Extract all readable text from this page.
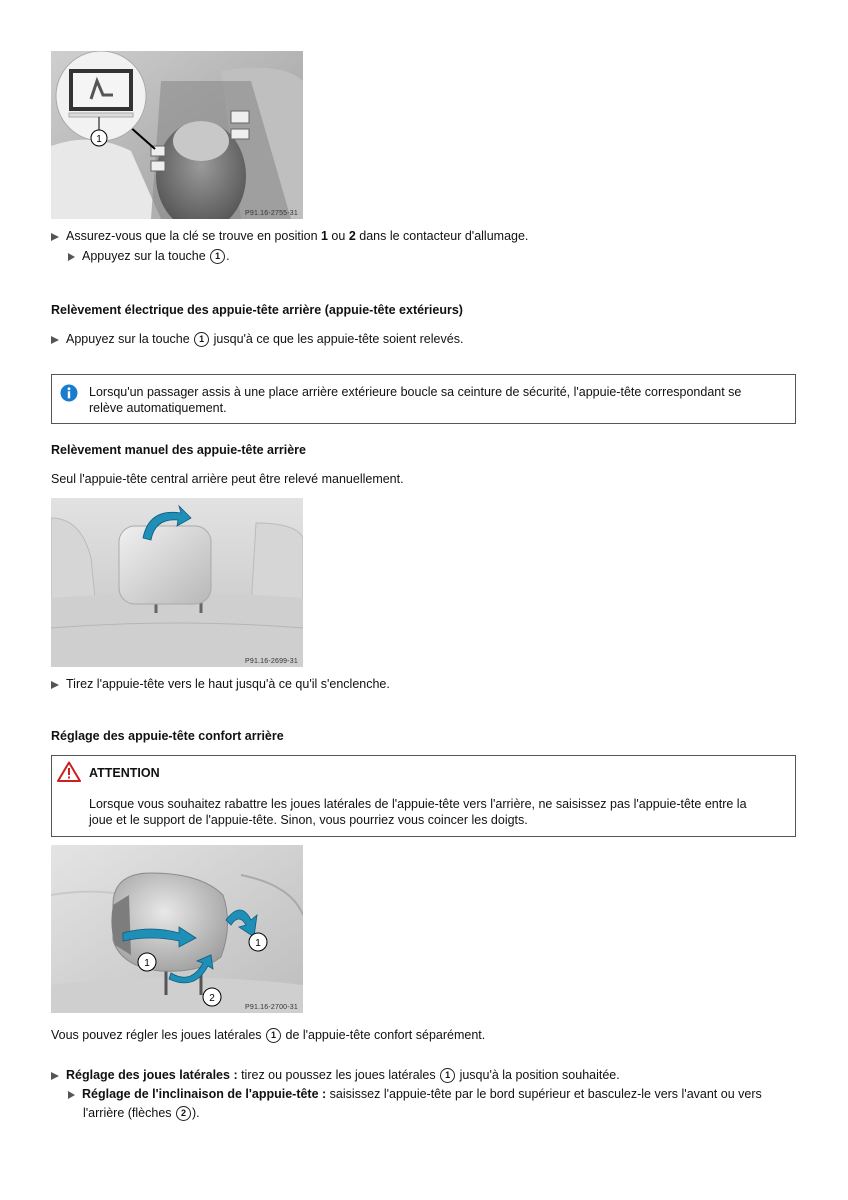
1
P91.16-2755-31
Assurez-vous que la clé se trouve en position 1 ou 2 dans le contacteur d'allumage.
Appuyez sur la touche 1 .
Relèvement électrique des appuie-tête arrière (appuie-tête extérieurs)
Appuyez sur la touche 1 jusqu'à ce que les appuie-tête soient relevés.
Lorsqu'un passager assis à une place arrière extérieure boucle sa ceinture de sécurité, l'appuie-tête correspondant se
relève automatiquement.
Relèvement manuel des appuie-tête arrière
Seul l'appuie-tête central arrière peut être relevé manuellement.
P91.16-2699-31
Tirez l'appuie-tête vers le haut jusqu'à ce qu'il s'enclenche.
Réglage des appuie-tête confort arrière
ATTENTION
Lorsque vous souhaitez rabattre les joues latérales de l'appuie-tête vers l'arrière, ne saisissez pas l'appuie-tête entre la
joue et le support de l'appuie-tête. Sinon, vous pourriez vous coincer les doigts.
1
1
2
P91.16-2700-31
Vous pouvez régler les joues latérales 1 de l'appuie-tête confort séparément.
Réglage des joues latérales : tirez ou poussez les joues latérales 1 jusqu'à la position souhaitée.
Réglage de l'inclinaison de l'appuie-tête : saisissez l'appuie-tête par le bord supérieur et basculez-le vers l'avant ou vers
l'arrière (flèches 2 ).
